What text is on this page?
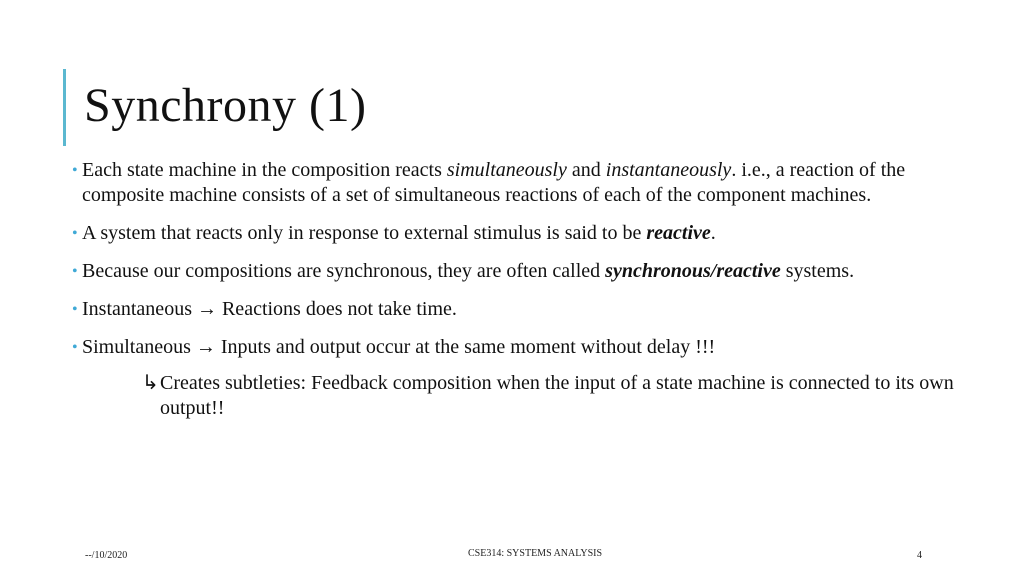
Synchrony (1)
• Each state machine in the composition reacts simultaneously and instantaneously. i.e., a reaction of the composite machine consists of a set of simultaneous reactions of each of the component machines.
• A system that reacts only in response to external stimulus is said to be reactive.
• Because our compositions are synchronous, they are often called synchronous/reactive systems.
• Instantaneous → Reactions does not take time.
• Simultaneous → Inputs and output occur at the same moment without delay !!!
↳ Creates subtleties: Feedback composition when the input of a state machine is connected to its own output!!
--/10/2020	CSE314: SYSTEMS ANALYSIS	4
